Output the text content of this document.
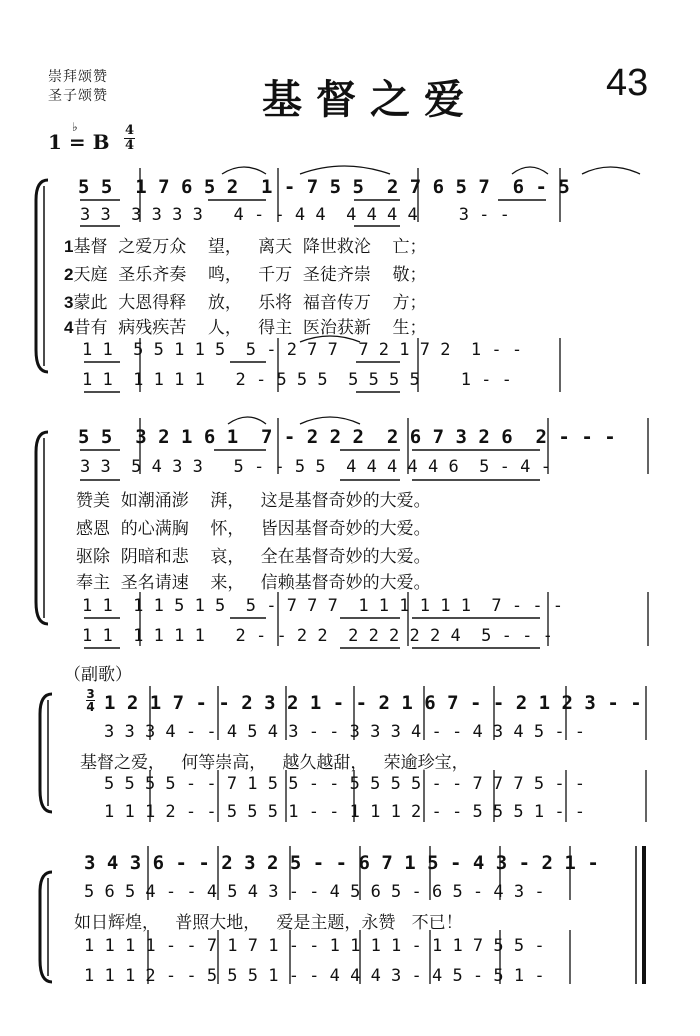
崇拜颂赞
圣子颂赞	基督之爱	43
1 = B
♭	4
4
5 5  1 7 6 5 2  1 - 7 5 5  2 7 6 5 7  6 - 5
3 3  3 3 3 3   4 - - 4 4  4 4 4 4    3 - -
1基督  之爱万众    望，   离天  降世救沦    亡；
2天庭  圣乐齐奏    鸣，   千万  圣徒齐崇    敬；
3蒙此  大恩得释    放，   乐将  福音传万    方；
4昔有  病残疾苦    人，   得主  医治获新    生；
1 1  5 5 1 1 5  5 - 2 7 7  7 2 1 7 2  1 - -
1 1  1 1 1 1   2 - 5 5 5  5 5 5 5    1 - -
5 5  3 2 1 6 1  7 - 2 2 2  2 6 7 3 2 6  2 - - -
3 3  5 4 3 3   5 - - 5 5  4 4 4 4 4 6  5 - 4 -
赞美  如潮涌澎    湃，   这是基督奇妙的大爱。
感恩  的心满胸    怀，   皆因基督奇妙的大爱。
驱除  阴暗和悲    哀，   全在基督奇妙的大爱。
奉主  圣名请速    来，   信赖基督奇妙的大爱。
1 1  1 1 5 1 5  5 - 7 7 7  1 1 1 1 1 1  7 - - -
1 1  1 1 1 1   2 - - 2 2  2 2 2 2 2 4  5 - - -
（副歌）
3
4 1 2 1 7 - - 2 3 2 1 - - 2 1 6 7 - - 2 1 2 3 - -
3 3 3 4 - - 4 5 4 3 - - 3 3 3 4 - - 4 3 4 5 - -
基督之爱，   何等崇高，   越久越甜，   荣逾珍宝，
5 5 5 5 - - 7 1 5 5 - - 5 5 5 5 - - 7 7 7 5 - -
1 1 1 2 - - 5 5 5 1 - - 1 1 1 2 - - 5 5 5 1 - -
3 4 3 6 - - 2 3 2 5 - - 6 7 1 5 - 4 3 - 2 1 -
5 6 5 4 - - 4 5 4 3 - - 4 5 6 5 - 6 5 - 4 3 -
如日辉煌，   普照大地，   爱是主题，永赞   不已！
1 1 1 1 - - 7 1 7 1 - - 1 1 1 1 - 1 1 7 5 5 -
1 1 1 2 - - 5 5 5 1 - - 4 4 4 3 - 4 5 - 5 1 -
